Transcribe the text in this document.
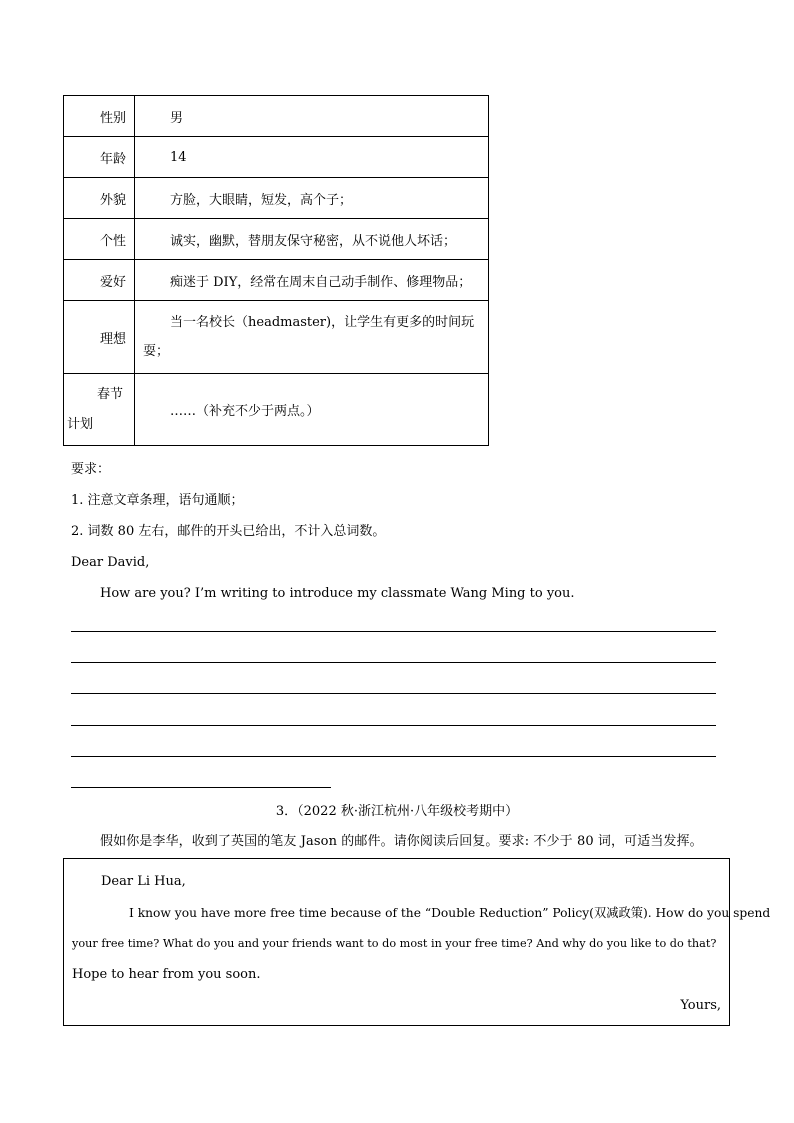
性别	男
年龄	14
外貌	方脸，大眼睛，短发，高个子；
个性	诚实，幽默，替朋友保守秘密，从不说他人坏话；
爱好	痴迷于 DIY，经常在周末自己动手制作、修理物品；
理想	当一名校长（headmaster)，让学生有更多的时间玩
耍；
春节
计划	……（补充不少于两点。）
要求：
1. 注意文章条理，语句通顺；
2. 词数 80 左右，邮件的开头已给出，不计入总词数。
Dear David,
How are you? I’m writing to introduce my classmate Wang Ming to you.
3．（2022 秋·浙江杭州·八年级校考期中）
假如你是李华，收到了英国的笔友 Jason 的邮件。请你阅读后回复。要求: 不少于 80 词，可适当发挥。
Dear Li Hua,
I know you have more free time because of the “Double Reduction” Policy(双减政策). How do you spend
your free time? What do you and your friends want to do most in your free time? And why do you like to do that?
Hope to hear from you soon.
Yours,
